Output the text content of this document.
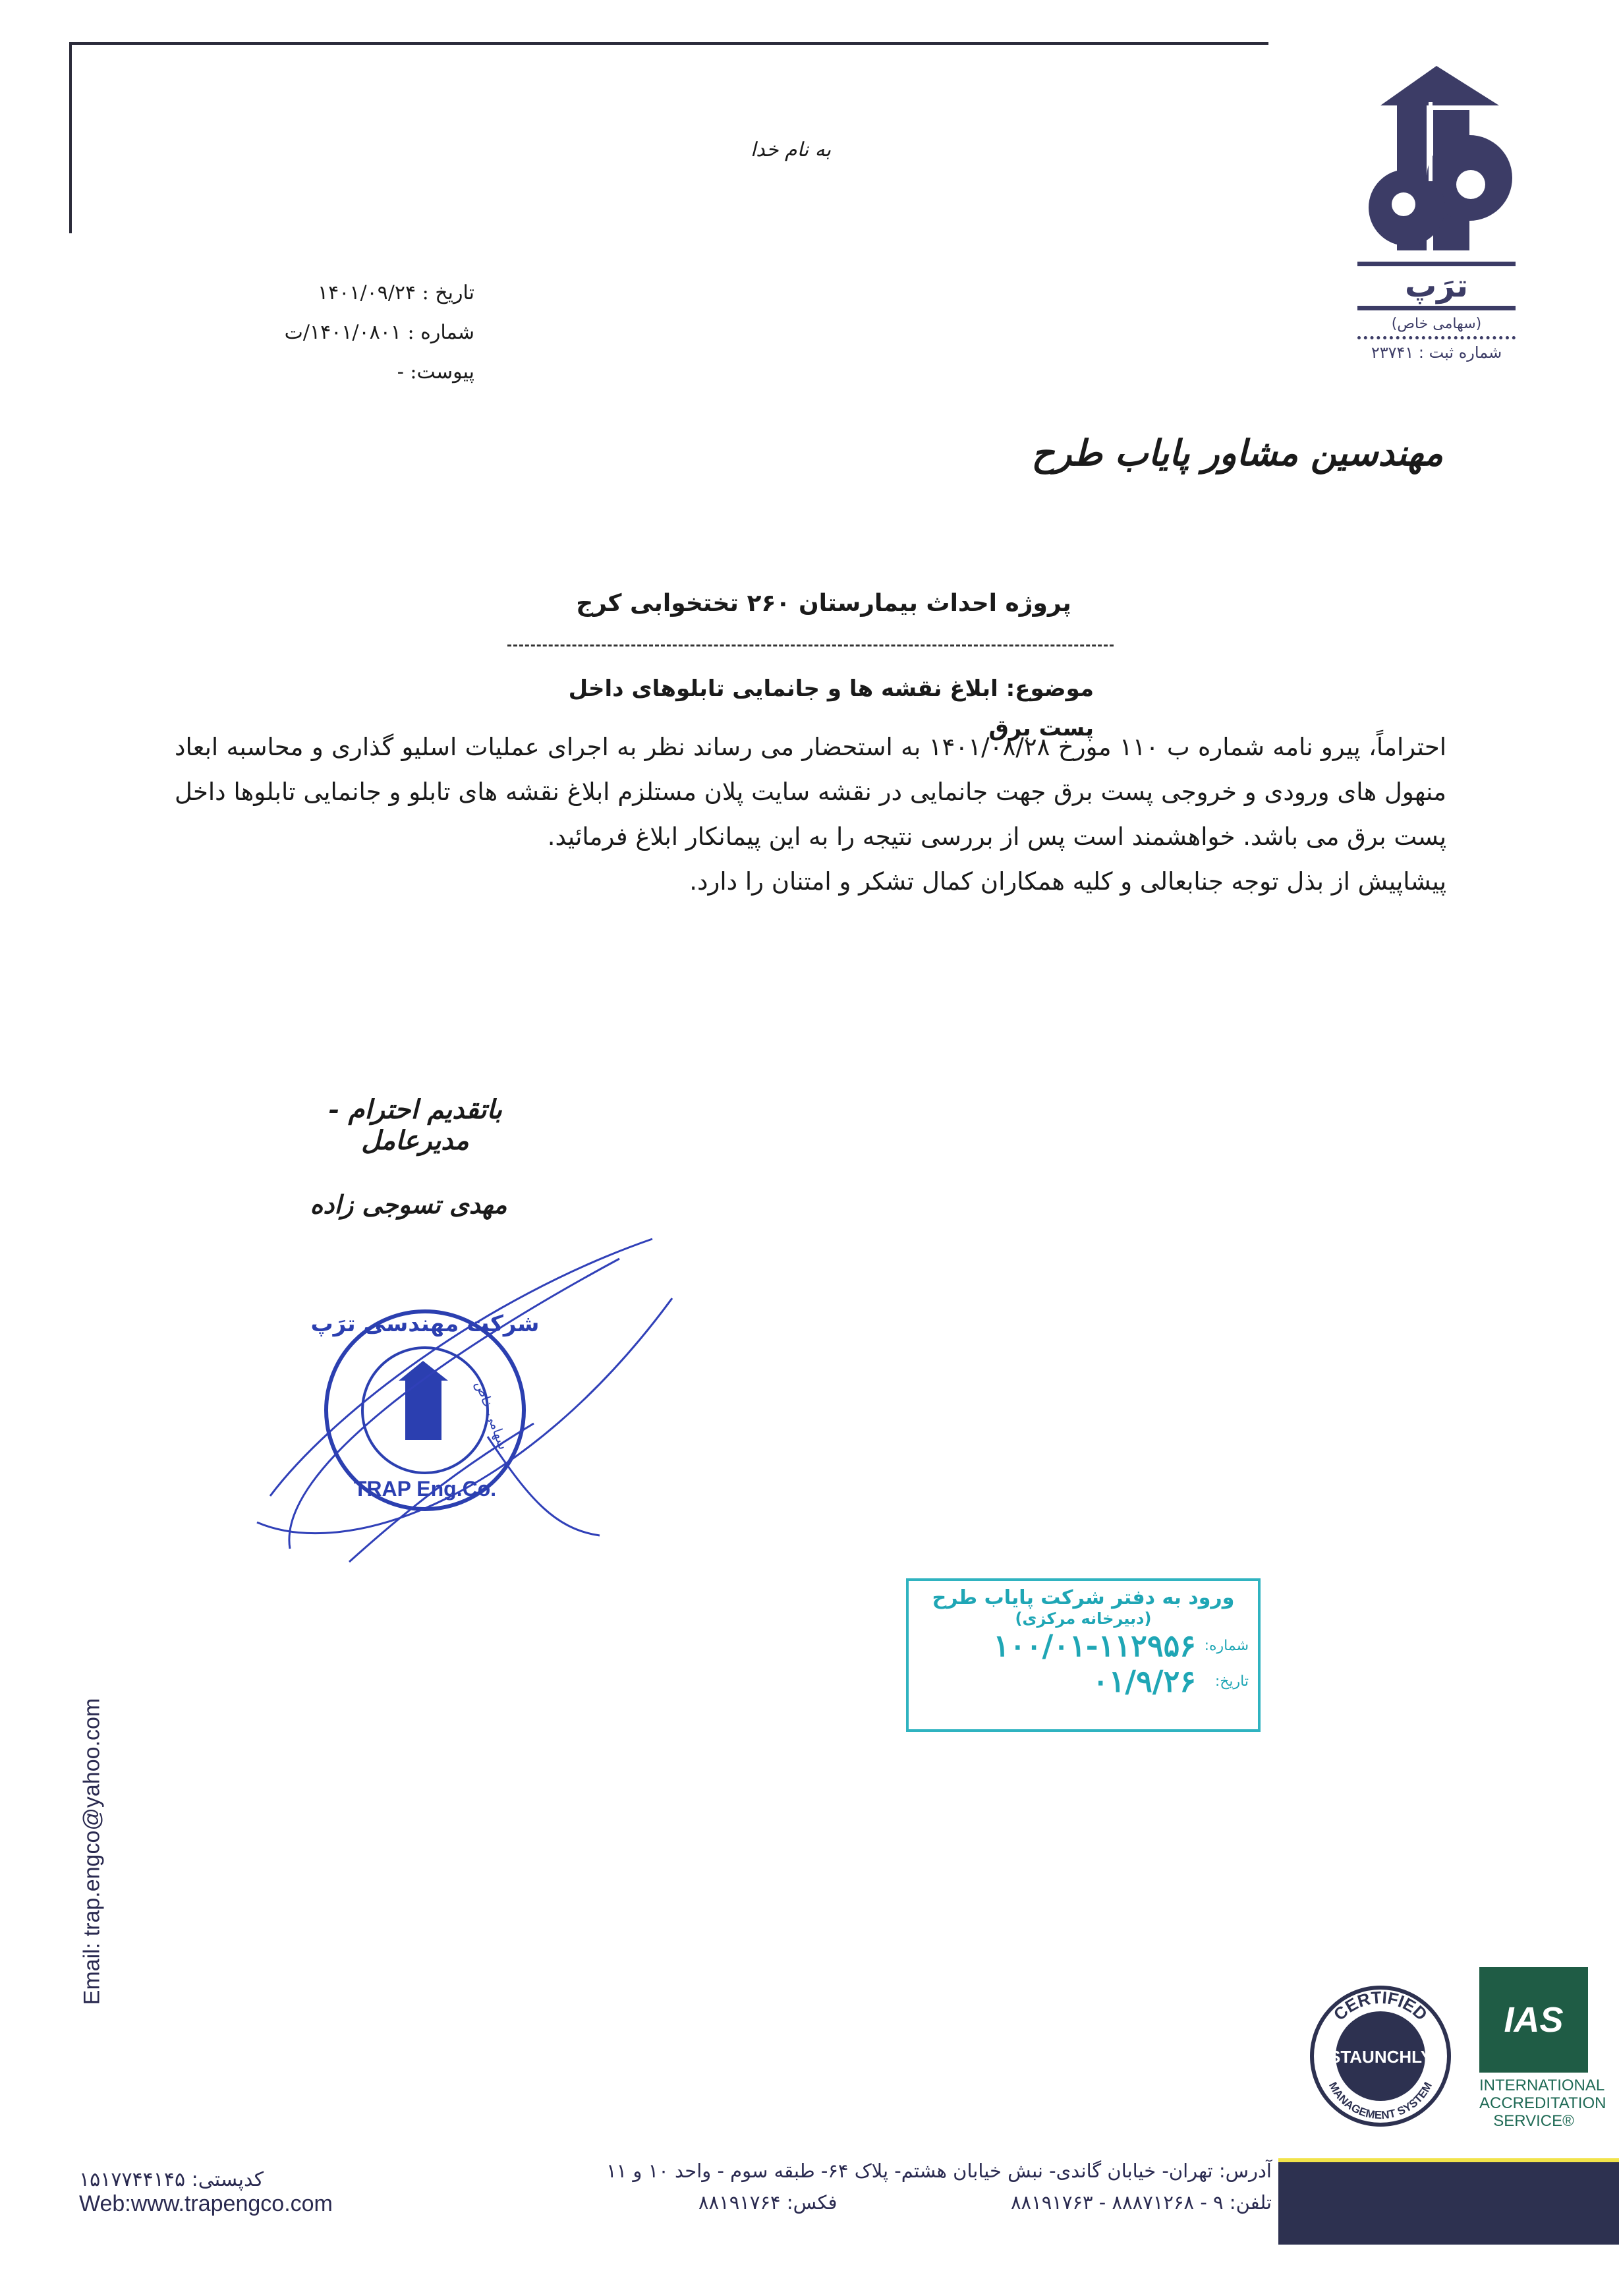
به نام خدا
تاریخ : ۱۴۰۱/۰۹/۲۴
شماره : ۱۴۰۱/۰۸۰۱/ت
پیوست: -
ترَپ
(سهامی خاص)
شماره ثبت : ۲۳۷۴۱
مهندسین مشاور پایاب طرح
پروژه احداث بیمارستان ۲۶۰ تختخوابی کرج
موضوع: ابلاغ نقشه ها و جانمایی تابلوهای داخل پست برق

احتراماً، پیرو نامه شماره ب ۱۱۰ مورخ ۱۴۰۱/۰۸/۲۸ به استحضار می رساند نظر به اجرای عملیات اسلیو گذاری و محاسبه ابعاد منهول های ورودی و خروجی پست برق جهت جانمایی در نقشه سایت پلان مستلزم ابلاغ نقشه های تابلو و جانمایی تابلوها داخل پست برق می باشد. خواهشمند است پس از بررسی نتیجه را به این پیمانکار ابلاغ فرمائید.

پیشاپیش از بذل توجه جنابعالی و کلیه همکاران کمال تشکر و امتنان را دارد.

باتقدیم احترام - مدیرعامل
مهدی تسوجی زاده
شرکت مهندسی ترَپ
سهامی خاص
TRAP Eng.Co.
ورود به دفتر شرکت پایاب طرح
(دبیرخانه مرکزی)
شماره:
۱۰۰/۰۱-۱۱۲۹۵۶
تاریخ:
۰۱/۹/۲۶
Email: trap.engco@yahoo.com
CERTIFIED
MANAGEMENT SYSTEM
STAUNCHLY
IAS
INTERNATIONAL ACCREDITATION SERVICE®
کدپستی: ۱۵۱۷۷۴۴۱۴۵
Web:www.trapengco.com
آدرس: تهران- خیابان گاندی- نبش خیابان هشتم- پلاک ۶۴- طبقه سوم - واحد ۱۰ و ۱۱
تلفن: ۹ - ۸۸۸۷۱۲۶۸ - ۸۸۱۹۱۷۶۳
فکس: ۸۸۱۹۱۷۶۴
